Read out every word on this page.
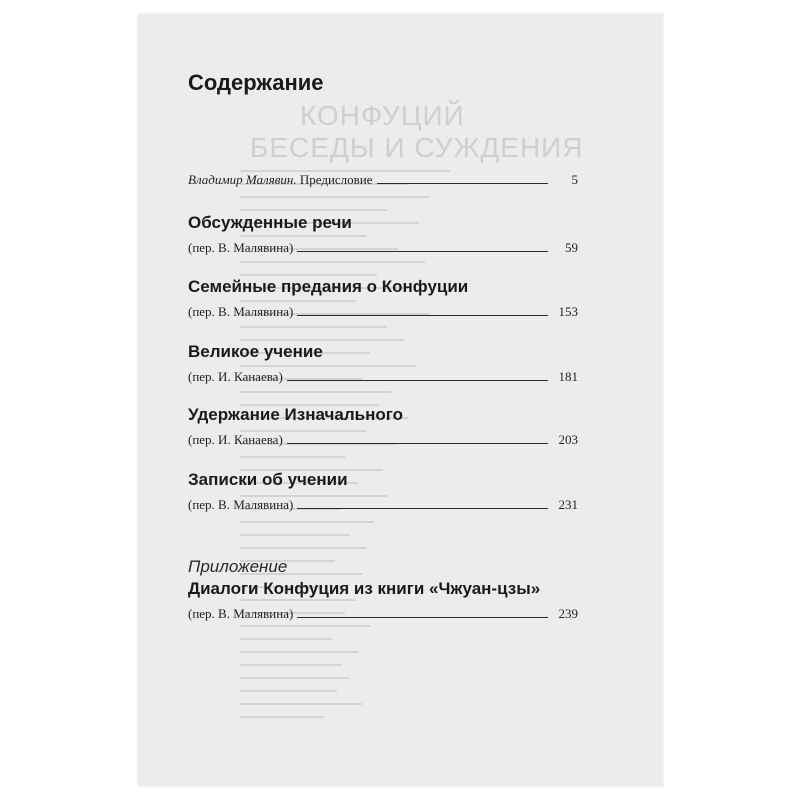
КОНФУЦИЙ
БЕСЕДЫ И СУЖДЕНИЯ
Содержание
Владимир Малявин. Предисловие	5
Обсужденные речи
(пер. В. Малявина)	59
Семейные предания о Конфуции
(пер. В. Малявина)	153
Великое учение
(пер. И. Канаева)	181
Удержание Изначального
(пер. И. Канаева)	203
Записки об учении
(пер. В. Малявина)	231
Приложение
Диалоги Конфуция из книги «Чжуан-цзы»
(пер. В. Малявина)	239
